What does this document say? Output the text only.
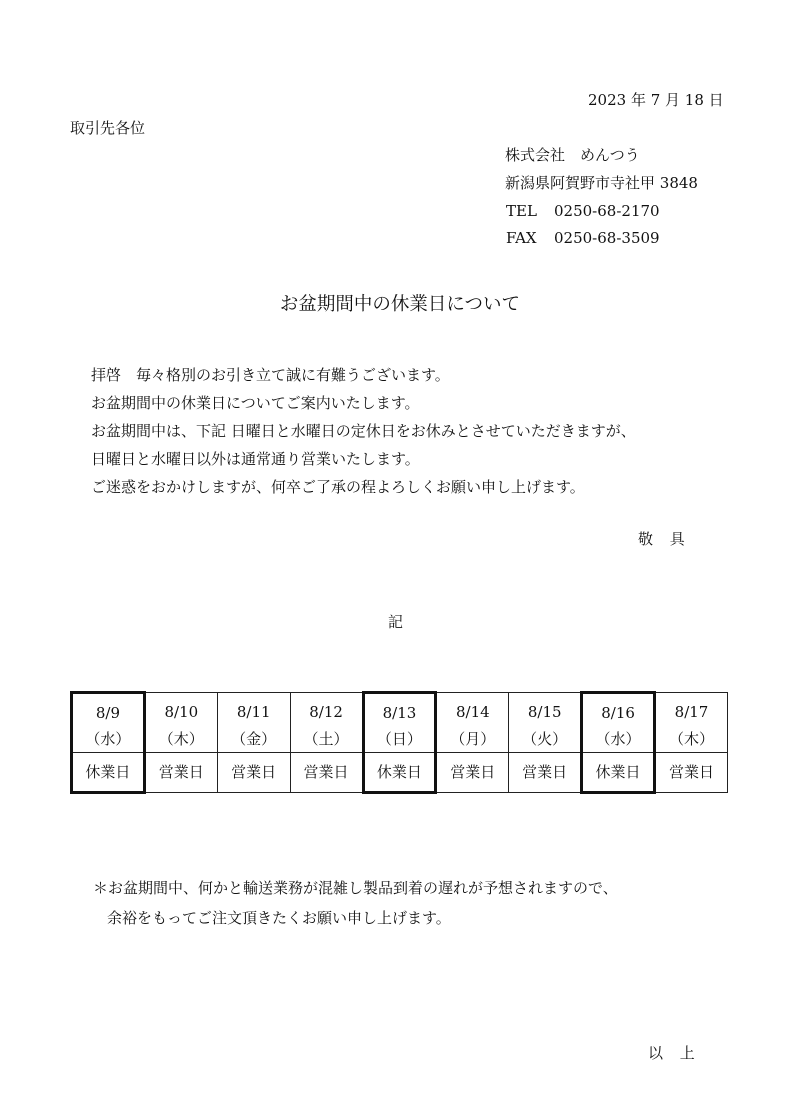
2023 年 7 月 18 日
取引先各位
株式会社　めんつう
新潟県阿賀野市寺社甲 3848
TEL 0250-68-2170
FAX 0250-68-3509
お盆期間中の休業日について
拝啓　毎々格別のお引き立て誠に有難うございます。
お盆期間中の休業日についてご案内いたします。
お盆期間中は、下記 日曜日と水曜日の定休日をお休みとさせていただきますが、
日曜日と水曜日以外は通常通り営業いたします。
ご迷惑をおかけしますが、何卒ご了承の程よろしくお願い申し上げます。
敬 具
記
8/9	8/10	8/11	8/12	8/13	8/14	8/15	8/16	8/17
（水）	（木）	（金）	（土）	（日）	（月）	（火）	（水）	（木）
休業日	営業日	営業日	営業日	休業日	営業日	営業日	休業日	営業日
＊お盆期間中、何かと輸送業務が混雑し製品到着の遅れが予想されますので、
余裕をもってご注文頂きたくお願い申し上げます。
以 上
